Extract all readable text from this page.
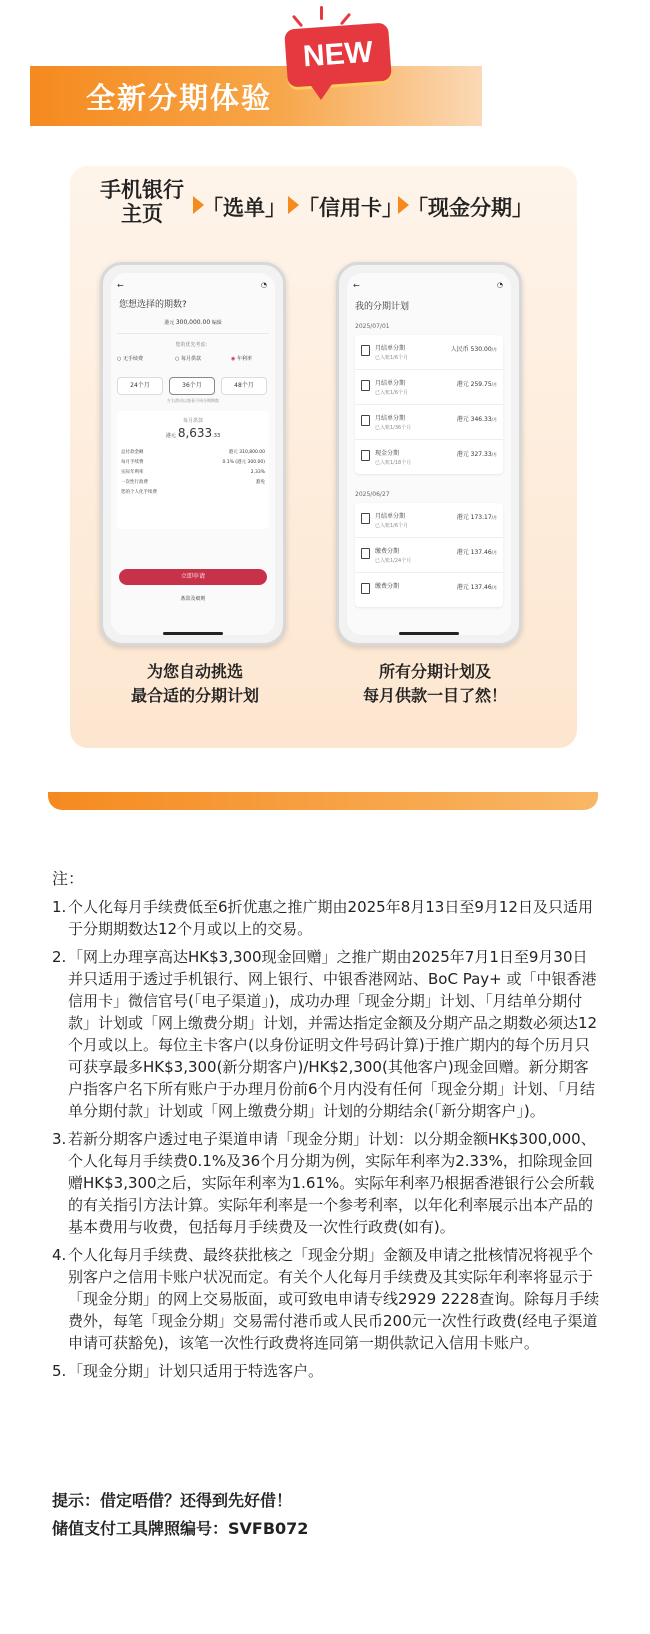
全新分期体验
NEW
手机银行
主页	「选单」 「信用卡」 「现金分期」
←	◔
您想选择的期数?
港元 300,000.00 编辑
您的优先考虑：
○ 无手续费	○ 每月供款	◉ 年利率
24个月	36个月	48个月
左右滑动以查看不同分期期数
每月供款
港元 8,633.33
总付款金额	港元 310,800.00
每月手续费	0.1% (港元 300.00)
实际年利率	2.33%
一次性行政费	豁免
您的个人化手续费
立即申请
条款及细则
←	◔
我的分期计划
2025/07/01
月结单分期
已入账1/6个月
人民币 530.00/月
月结单分期
已入账1/6个月
港元 259.75/月
月结单分期
已入账1/36个月
港元 346.33/月
现金分期
已入账1/18个月
港元 327.33/月
2025/06/27
月结单分期
已入账1/6个月
港元 173.17/月
缴费分期
已入账1/24个月
港元 137.46/月
缴费分期	港元 137.46/月
为您自动挑选
最合适的分期计划
所有分期计划及
每月供款一目了然！
注：
1. 个人化每月手续费低至6折优惠之推广期由2025年8月13日至9月12日及只适用于分期期数达12个月或以上的交易。
2. 「网上办理享高达HK$3,300现金回赠」之推广期由2025年7月1日至9月30日并只适用于透过手机银行、网上银行、中银香港网站、BoC Pay+ 或「中银香港信用卡」微信官号(「电子渠道」)，成功办理「现金分期」计划、「月结单分期付款」计划或「网上缴费分期」计划，并需达指定金额及分期产品之期数必须达12个月或以上。每位主卡客户(以身份证明文件号码计算)于推广期内的每个历月只可获享最多HK$3,300(新分期客户)/HK$2,300(其他客户)现金回赠。新分期客户指客户名下所有账户于办理月份前6个月内没有任何「现金分期」计划、「月结单分期付款」计划或「网上缴费分期」计划的分期结余(「新分期客户」)。
3. 若新分期客户透过电子渠道申请「现金分期」计划：以分期金额HK$300,000、个人化每月手续费0.1%及36个月分期为例，实际年利率为2.33%，扣除现金回赠HK$3,300之后，实际年利率为1.61%。实际年利率乃根据香港银行公会所载的有关指引方法计算。实际年利率是一个参考利率，以年化利率展示出本产品的基本费用与收费，包括每月手续费及一次性行政费(如有)。
4. 个人化每月手续费、最终获批核之「现金分期」金额及申请之批核情况将视乎个别客户之信用卡账户状况而定。有关个人化每月手续费及其实际年利率将显示于「现金分期」的网上交易版面，或可致电申请专线2929 2228查询。除每月手续费外，每笔「现金分期」交易需付港币或人民币200元一次性行政费(经电子渠道申请可获豁免)，该笔一次性行政费将连同第一期供款记入信用卡账户。
5. 「现金分期」计划只适用于特选客户。
提示：借定唔借？还得到先好借！
储值支付工具牌照编号：SVFB072
